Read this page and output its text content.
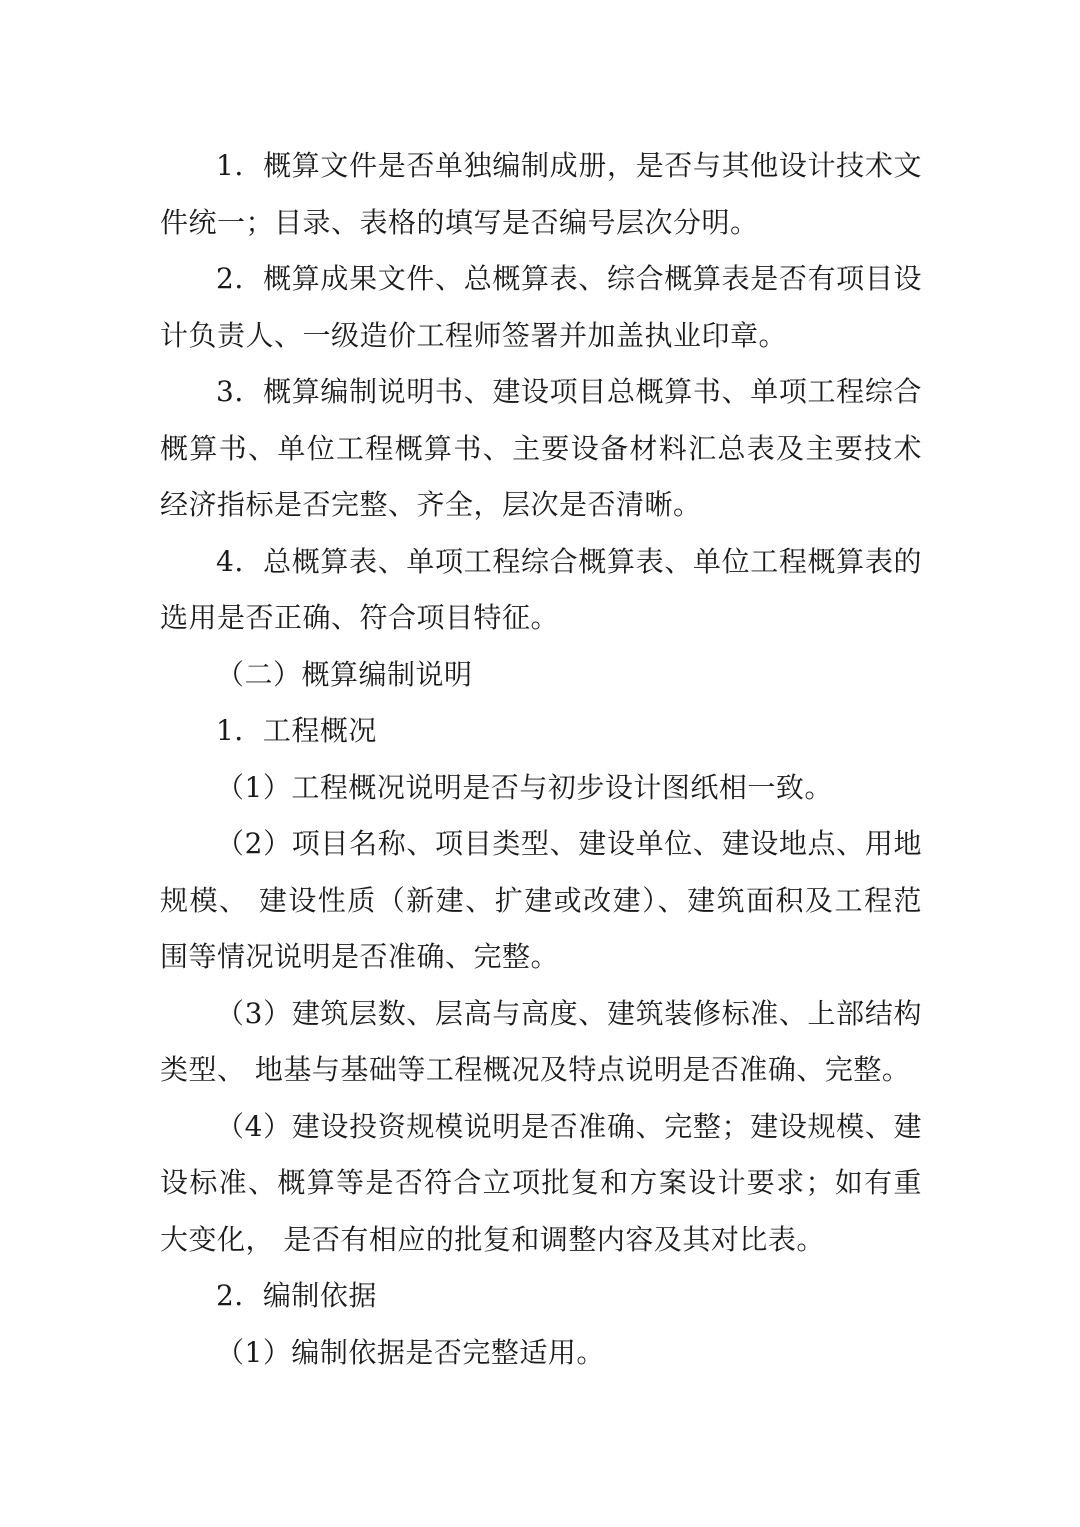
1．概算文件是否单独编制成册，是否与其他设计技术文件统一；目录、表格的填写是否编号层次分明。

2．概算成果文件、总概算表、综合概算表是否有项目设计负责人、一级造价工程师签署并加盖执业印章。

3．概算编制说明书、建设项目总概算书、单项工程综合概算书、单位工程概算书、主要设备材料汇总表及主要技术经济指标是否完整、齐全，层次是否清晰。

4．总概算表、单项工程综合概算表、单位工程概算表的选用是否正确、符合项目特征。

（二）概算编制说明

1．工程概况

（1）工程概况说明是否与初步设计图纸相一致。

（2）项目名称、项目类型、建设单位、建设地点、用地规模、 建设性质（新建、扩建或改建）、建筑面积及工程范围等情况说明是否准确、完整。

（3）建筑层数、层高与高度、建筑装修标准、上部结构类型、 地基与基础等工程概况及特点说明是否准确、完整。

（4）建设投资规模说明是否准确、完整；建设规模、建设标准、概算等是否符合立项批复和方案设计要求；如有重大变化， 是否有相应的批复和调整内容及其对比表。

2．编制依据

（1）编制依据是否完整适用。
